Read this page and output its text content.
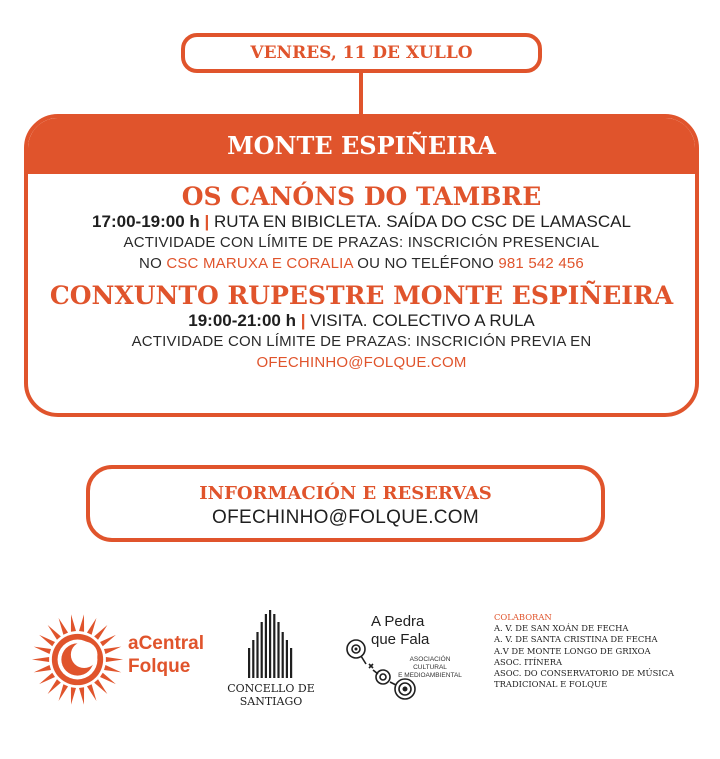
VENRES, 11 DE XULLO
MONTE ESPIÑEIRA
OS CANÓNS DO TAMBRE
17:00-19:00 h | RUTA EN BIBICLETA. SAÍDA DO CSC DE LAMASCAL
ACTIVIDADE CON LÍMITE DE PRAZAS: INSCRICIÓN PRESENCIAL
NO CSC MARUXA E CORALIA OU NO TELÉFONO 981 542 456
CONXUNTO RUPESTRE MONTE ESPIÑEIRA
19:00-21:00 h | VISITA. COLECTIVO A RULA
ACTIVIDADE CON LÍMITE DE PRAZAS: INSCRICIÓN PREVIA EN
OFECHINHO@FOLQUE.COM
INFORMACIÓN E RESERVAS
OFECHINHO@FOLQUE.COM
aCentral
Folque
CONCELLO DE
SANTIAGO
A Pedra
que Fala
ASOCIACIÓN CULTURAL
E MEDIOAMBIENTAL
COLABORAN
A. V. DE SAN XOÁN DE FECHA
A. V. DE SANTA CRISTINA DE FECHA
A.V DE MONTE LONGO DE GRIXOA
ASOC. ITÍNERA
ASOC. DO CONSERVATORIO DE MÚSICA
TRADICIONAL E FOLQUE
